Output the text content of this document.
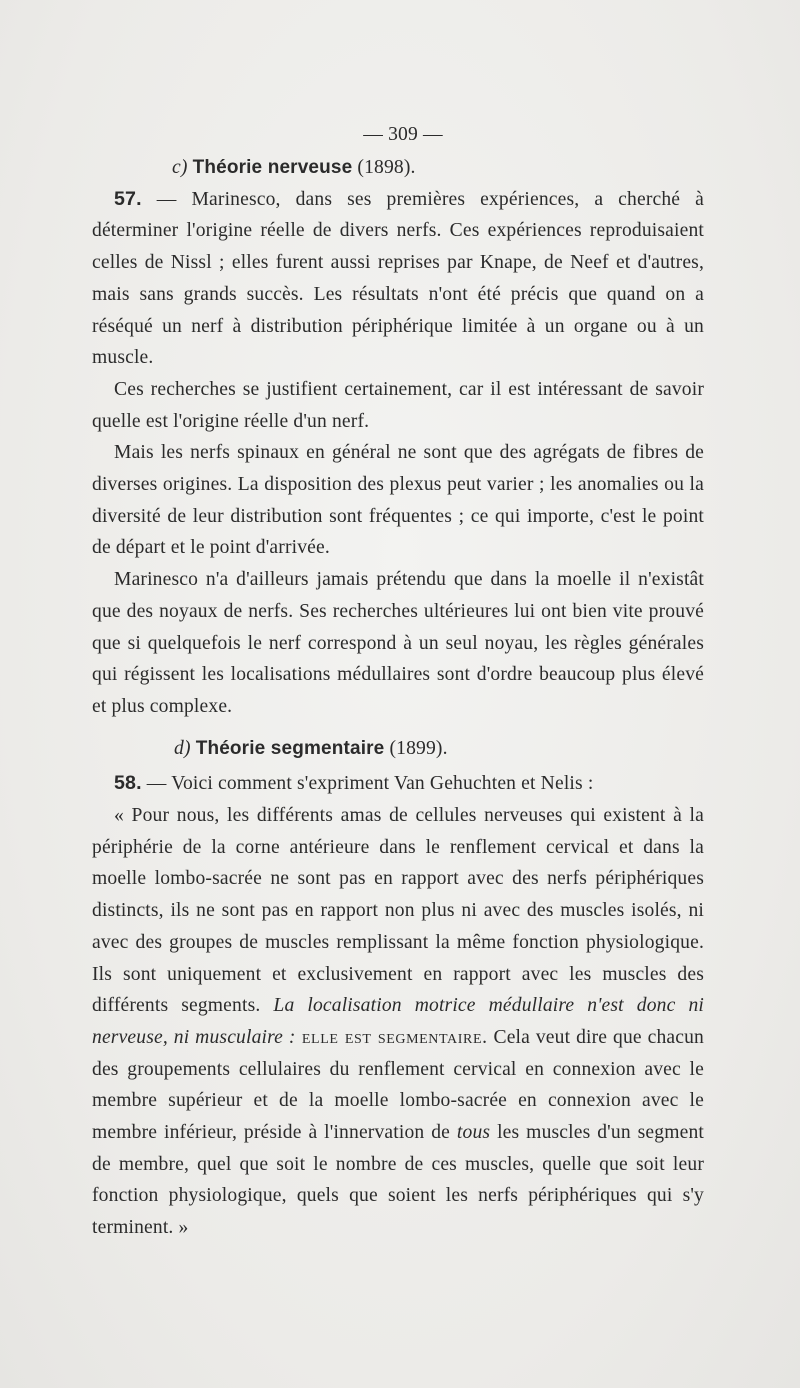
— 309 —
c) Théorie nerveuse (1898).

57. — Marinesco, dans ses premières expériences, a cherché à déterminer l'origine réelle de divers nerfs. Ces expériences reproduisaient celles de Nissl ; elles furent aussi reprises par Knape, de Neef et d'autres, mais sans grands succès. Les résultats n'ont été précis que quand on a réséqué un nerf à distribution périphérique limitée à un organe ou à un muscle.

Ces recherches se justifient certainement, car il est intéressant de savoir quelle est l'origine réelle d'un nerf.

Mais les nerfs spinaux en général ne sont que des agrégats de fibres de diverses origines. La disposition des plexus peut varier ; les anomalies ou la diversité de leur distribution sont fréquentes ; ce qui importe, c'est le point de départ et le point d'arrivée.

Marinesco n'a d'ailleurs jamais prétendu que dans la moelle il n'existât que des noyaux de nerfs. Ses recherches ultérieures lui ont bien vite prouvé que si quelquefois le nerf correspond à un seul noyau, les règles générales qui régissent les localisations médullaires sont d'ordre beaucoup plus élevé et plus complexe.

d) Théorie segmentaire (1899).

58. — Voici comment s'expriment Van Gehuchten et Nelis :

« Pour nous, les différents amas de cellules nerveuses qui existent à la périphérie de la corne antérieure dans le renflement cervical et dans la moelle lombo-sacrée ne sont pas en rapport avec des nerfs périphériques distincts, ils ne sont pas en rapport non plus ni avec des muscles isolés, ni avec des groupes de muscles remplissant la même fonction physiologique. Ils sont uniquement et exclusivement en rapport avec les muscles des différents segments. La localisation motrice médullaire n'est donc ni nerveuse, ni musculaire : elle est segmentaire. Cela veut dire que chacun des groupements cellulaires du renflement cervical en connexion avec le membre supérieur et de la moelle lombo-sacrée en connexion avec le membre inférieur, préside à l'innervation de tous les muscles d'un segment de membre, quel que soit le nombre de ces muscles, quelle que soit leur fonction physiologique, quels que soient les nerfs périphériques qui s'y terminent. »
